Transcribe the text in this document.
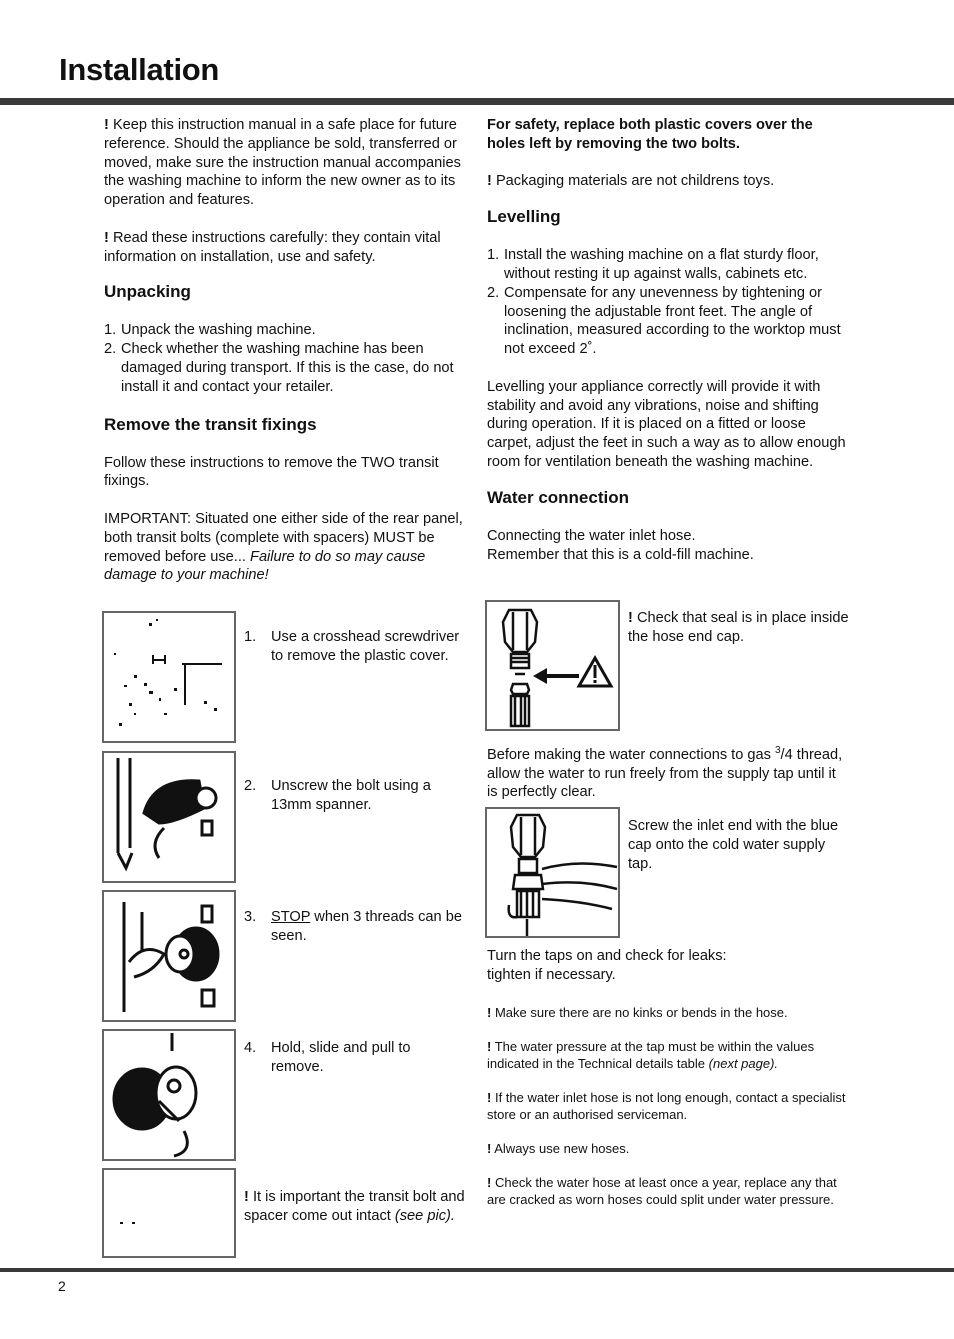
Installation

! Keep this instruction manual in a safe place for future reference. Should the appliance be sold, transferred or moved, make sure the instruction manual accompanies the washing machine to inform the new owner as to its operation and features.

! Read these instructions carefully: they contain vital information on installation, use and safety.

Unpacking
1. Unpack the washing machine.
2. Check whether the washing machine has been damaged during transport. If this is the case, do not install it and contact your retailer.
Remove the transit fixings

Follow these instructions to remove the TWO transit fixings.

IMPORTANT: Situated one either side of the rear panel, both transit bolts (complete with spacers) MUST be removed before use... Failure to do so may cause damage to your machine!

1.	Use a crosshead screwdriver to remove the plastic cover.
2.	Unscrew the bolt using a 13mm spanner.
3.	STOP when 3 threads can be seen.
4.	Hold, slide and pull to remove.
! It is important the transit bolt and spacer come out intact (see pic).

For safety, replace both plastic covers over the holes left by removing the two bolts.

! Packaging materials are not childrens toys.

Levelling
1. Install the washing machine on a flat sturdy floor, without resting it up against walls, cabinets etc.
2. Compensate for any unevenness by tightening or loosening the adjustable front feet. The angle of inclination, measured according to the worktop must not exceed 2˚.

Levelling your appliance correctly will provide it with stability and avoid any vibrations, noise and shifting during operation. If it is placed on a fitted or loose carpet, adjust the feet in such a way as to allow enough room for ventilation beneath the washing machine.

Water connection

Connecting the water inlet hose.

Remember that this is a cold-fill machine.

! Check that seal is in place inside the hose end cap.

Before making the water connections to gas $^3$/4 thread, allow the water to run freely from the supply tap until it is perfectly clear.

Screw the inlet end with the blue cap onto the cold water supply tap.

Turn the taps on and check for leaks:

tighten if necessary.

! Make sure there are no kinks or bends in the hose.

! The water pressure at the tap must be within the values indicated in the Technical details table (next page).

! If the water inlet hose is not long enough, contact a specialist store or an authorised serviceman.

! Always use new hoses.

! Check the water hose at least once a year, replace any that are cracked as worn hoses could split under water pressure.

2
